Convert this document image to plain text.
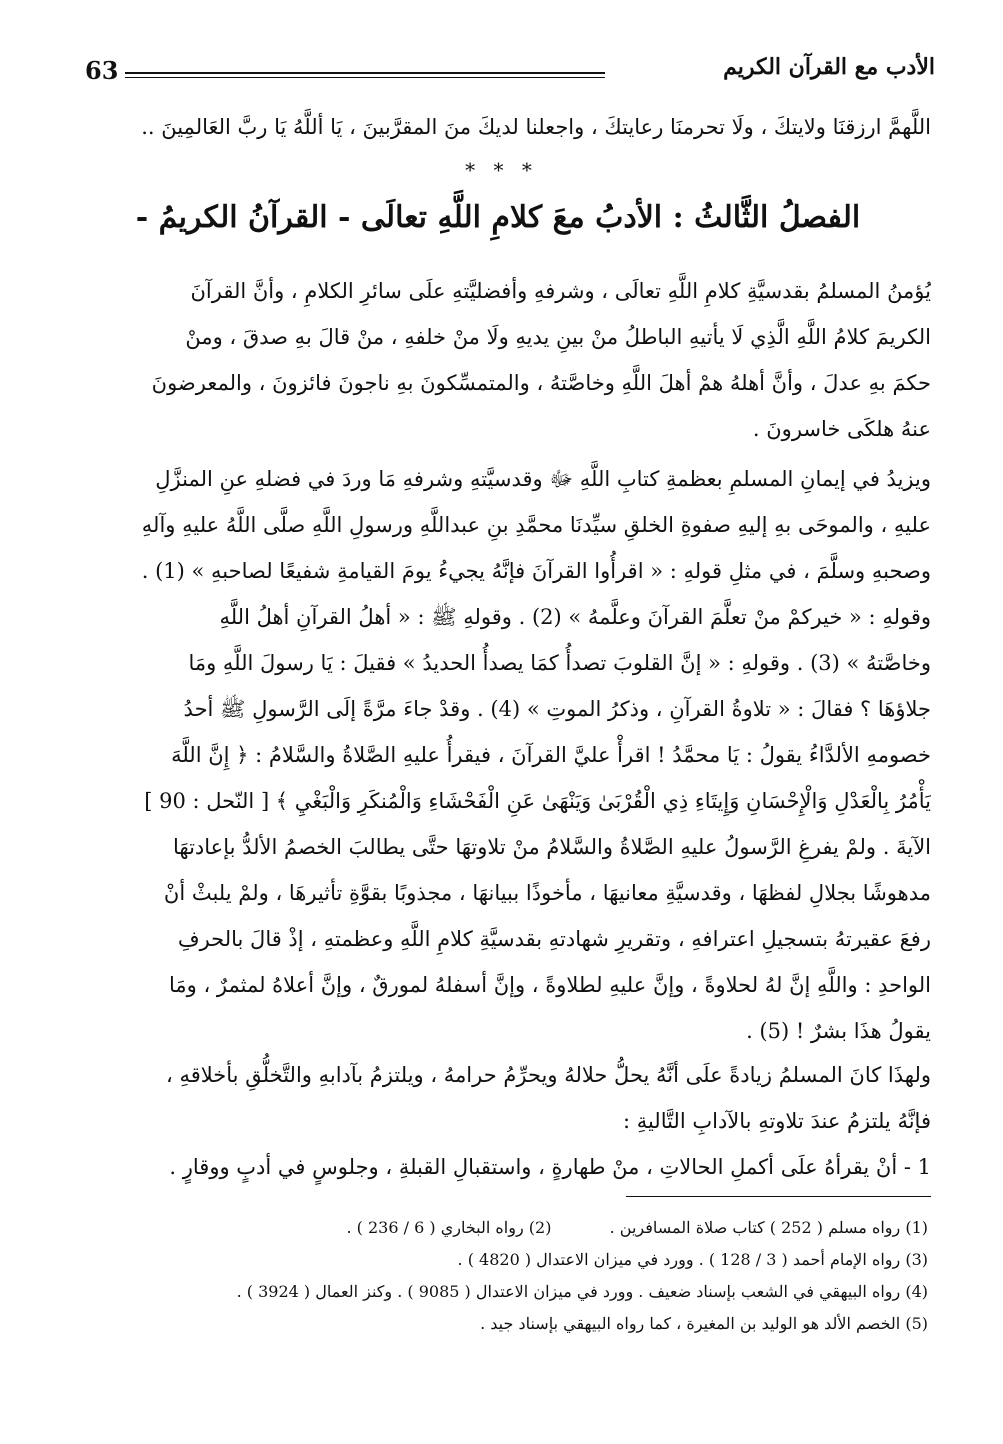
63	الأدب مع القرآن الكريم
اللَّهمَّ ارزقنَا ولايتكَ ، ولَا تحرمنَا رعايتكَ ، واجعلنا لديكَ منَ المقرَّبينَ ، يَا أللَّهُ يَا ربَّ العَالمِينَ ..
* * *
الفصلُ الثَّالثُ : الأدبُ معَ كلامِ اللَّهِ تعالَى - القرآنُ الكريمُ -
يُؤمنُ المسلمُ بقدسيَّةِ كلامِ اللَّهِ تعالَى ، وشرفهِ وأفضليَّتهِ علَى سائرِ الكلامِ ، وأنَّ القرآنَ
الكريمَ كلامُ اللَّهِ الَّذِي لَا يأتيهِ الباطلُ منْ بينِ يديهِ ولَا منْ خلفهِ ، منْ قالَ بهِ صدقَ ، ومنْ
حكمَ بهِ عدلَ ، وأنَّ أهلهُ همْ أهلَ اللَّهِ وخاصَّتهُ ، والمتمسِّكونَ بهِ ناجونَ فائزونَ ، والمعرضونَ
عنهُ هلكَى خاسرونَ .
ويزيدُ في إيمانِ المسلمِ بعظمةِ كتابِ اللَّهِ ﷻ وقدسيَّتهِ وشرفهِ مَا وردَ في فضلهِ عنِ المنزَّلِ
عليهِ ، والموحَى بهِ إليهِ صفوةِ الخلقِ سيِّدنَا محمَّدِ بنِ عبداللَّهِ ورسولِ اللَّهِ صلَّى اللَّهُ عليهِ وآلهِ
وصحبهِ وسلَّمَ ، في مثلِ قولهِ : « اقرأُوا القرآنَ فإنَّهُ يجيءُ يومَ القيامةِ شفيعًا لصاحبهِ » (1) .
وقولهِ : « خيركمْ منْ تعلَّمَ القرآنَ وعلَّمهُ » (2) . وقولهِ ﷺ : « أهلُ القرآنِ أهلُ اللَّهِ
وخاصَّتهُ » (3) . وقولهِ : « إنَّ القلوبَ تصدأُ كمَا يصدأُ الحديدُ » فقيلَ : يَا رسولَ اللَّهِ ومَا
جلاؤهَا ؟ فقالَ : « تلاوةُ القرآنِ ، وذكرُ الموتِ » (4) . وقدْ جاءَ مرَّةً إلَى الرَّسولِ ﷺ أحدُ
خصومهِ الألدَّاءُ يقولُ : يَا محمَّدُ ! اقرأْ عليَّ القرآنَ ، فيقرأُ عليهِ الصَّلاةُ والسَّلامُ : ﴿ إِنَّ اللَّهَ
يَأْمُرُ بِالْعَدْلِ وَالْإِحْسَانِ وَإِيتَاءِ ذِي الْقُرْبَىٰ وَيَنْهَىٰ عَنِ الْفَحْشَاءِ وَالْمُنكَرِ وَالْبَغْيِ ﴾ [ النّحل : 90 ]
الآيةَ . ولمْ يفرغِ الرَّسولُ عليهِ الصَّلاةُ والسَّلامُ منْ تلاوتهَا حتَّى يطالبَ الخصمُ الألدُّ بإعادتهَا
مدهوشًا بجلالِ لفظهَا ، وقدسيَّةِ معانيهَا ، مأخوذًا ببيانهَا ، مجذوبًا بقوَّةِ تأثيرهَا ، ولمْ يلبثْ أنْ
رفعَ عقيرتهُ بتسجيلِ اعترافهِ ، وتقريرِ شهادتهِ بقدسيَّةِ كلامِ اللَّهِ وعظمتهِ ، إذْ قالَ بالحرفِ
الواحدِ : واللَّهِ إنَّ لهُ لحلاوةً ، وإنَّ عليهِ لطلاوةً ، وإنَّ أسفلهُ لمورقٌ ، وإنَّ أعلاهُ لمثمرٌ ، ومَا
يقولُ هذَا بشرٌ ! (5) .
ولهذَا كانَ المسلمُ زيادةً علَى أنَّهُ يحلُّ حلالهُ ويحرِّمُ حرامهُ ، ويلتزمُ بآدابهِ والتَّخلُّقِ بأخلاقهِ ،
فإنَّهُ يلتزمُ عندَ تلاوتهِ بالآدابِ التَّاليةِ :
1 - أنْ يقرأهُ علَى أكملِ الحالاتِ ، منْ طهارةٍ ، واستقبالِ القبلةِ ، وجلوسٍ في أدبٍ ووقارٍ .
(1) رواه مسلم ( 252 ) كتاب صلاة المسافرين .  (2) رواه البخاري ( 6 / 236 ) .
(3) رواه الإمام أحمد ( 3 / 128 ) . وورد في ميزان الاعتدال ( 4820 ) .
(4) رواه البيهقي في الشعب بإسناد ضعيف . وورد في ميزان الاعتدال ( 9085 ) . وكنز العمال ( 3924 ) .
(5) الخصم الألد هو الوليد بن المغيرة ، كما رواه البيهقي بإسناد جيد .
